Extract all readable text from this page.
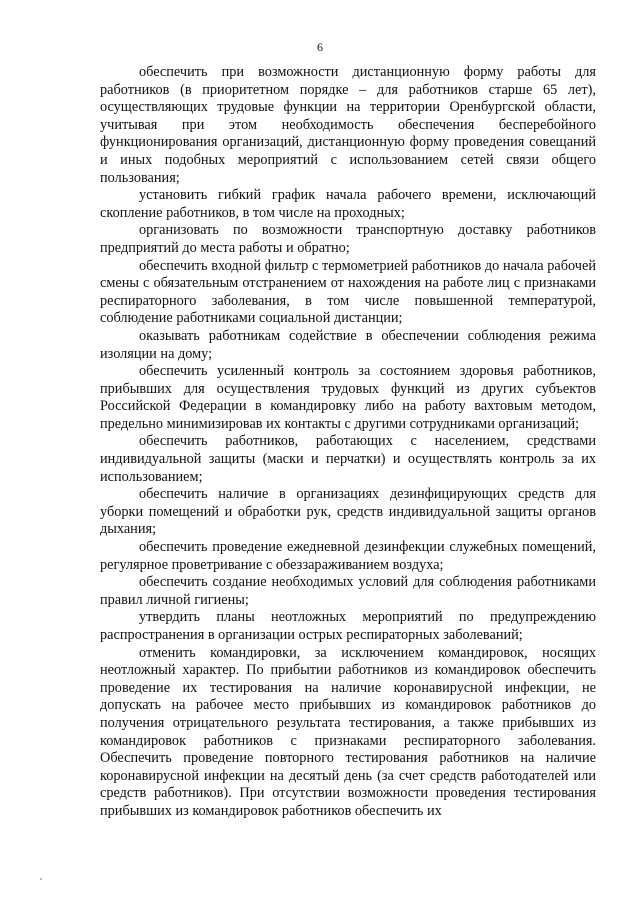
6

обеспечить при возможности дистанционную форму работы для работников (в приоритетном порядке – для работников старше 65 лет), осуществляющих трудовые функции на территории Оренбургской области, учитывая при этом необходимость обеспечения бесперебойного функционирования организаций, дистанционную форму проведения совещаний и иных подобных мероприятий с использованием сетей связи общего пользования;

установить гибкий график начала рабочего времени, исключающий скопление работников, в том числе на проходных;

организовать по возможности транспортную доставку работников предприятий до места работы и обратно;

обеспечить входной фильтр с термометрией работников до начала рабочей смены с обязательным отстранением от нахождения на работе лиц с признаками респираторного заболевания, в том числе повышенной температурой, соблюдение работниками социальной дистанции;

оказывать работникам содействие в обеспечении соблюдения режима изоляции на дому;

обеспечить усиленный контроль за состоянием здоровья работников, прибывших для осуществления трудовых функций из других субъектов Российской Федерации в командировку либо на работу вахтовым методом, предельно минимизировав их контакты с другими сотрудниками организаций;

обеспечить работников, работающих с населением, средствами индивидуальной защиты (маски и перчатки) и осуществлять контроль за их использованием;

обеспечить наличие в организациях дезинфицирующих средств для уборки помещений и обработки рук, средств индивидуальной защиты органов дыхания;

обеспечить проведение ежедневной дезинфекции служебных помещений, регулярное проветривание с обеззараживанием воздуха;

обеспечить создание необходимых условий для соблюдения работниками правил личной гигиены;

утвердить планы неотложных мероприятий по предупреждению распространения в организации острых респираторных заболеваний;

отменить командировки, за исключением командировок, носящих неотложный характер. По прибытии работников из командировок обеспечить проведение их тестирования на наличие коронавирусной инфекции, не допускать на рабочее место прибывших из командировок работников до получения отрицательного результата тестирования, а также прибывших из командировок работников с признаками респираторного заболевания. Обеспечить проведение повторного тестирования работников на наличие коронавирусной инфекции на десятый день (за счет средств работодателей или средств работников). При отсутствии возможности проведения тестирования прибывших из командировок работников обеспечить их
